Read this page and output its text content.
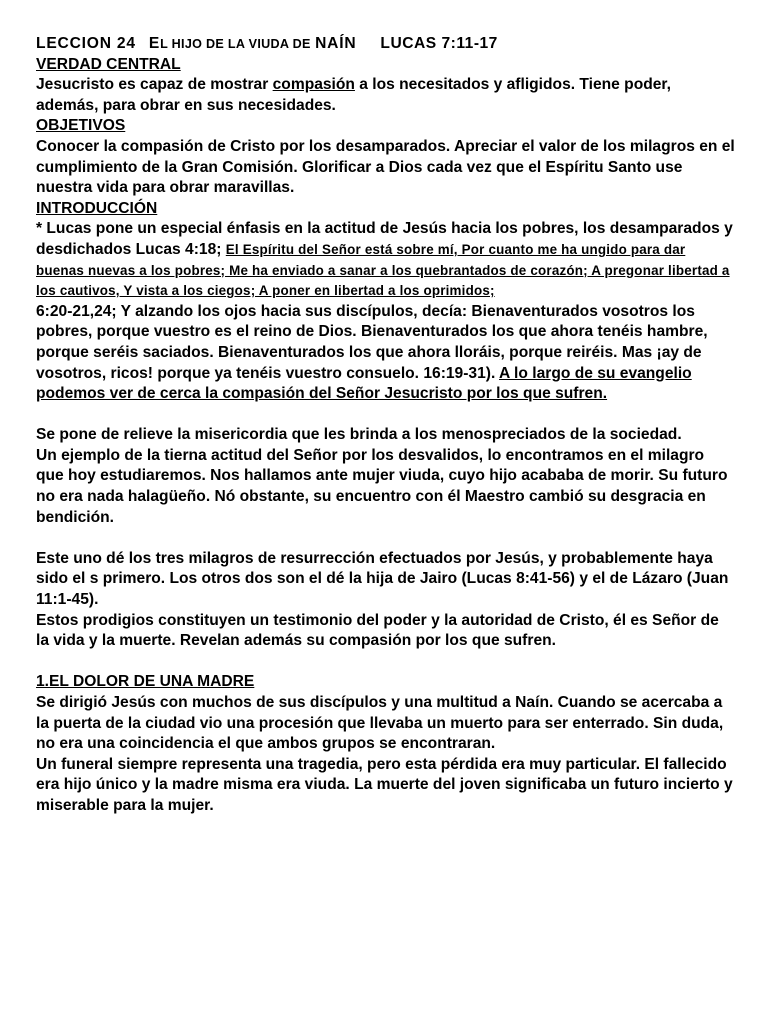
LECCION 24 EL HIJO DE LA VIUDA DE NAÍN LUCAS 7:11-17

VERDAD CENTRAL

Jesucristo es capaz de mostrar compasión a los necesitados y afligidos. Tiene poder, además, para obrar en sus necesidades.

OBJETIVOS

Conocer la compasión de Cristo por los desamparados. Apreciar el valor de los milagros en el cumplimiento de la Gran Comisión. Glorificar a Dios cada vez que el Espíritu Santo use nuestra vida para obrar maravillas.

INTRODUCCIÓN

* Lucas pone un especial énfasis en la actitud de Jesús hacia los pobres, los desamparados y desdichados Lucas 4:18; El Espíritu del Señor está sobre mí, Por cuanto me ha ungido para dar buenas nuevas a los pobres; Me ha enviado a sanar a los quebrantados de corazón; A pregonar libertad a los cautivos, Y vista a los ciegos; A poner en libertad a los oprimidos;

6:20-21,24; Y alzando los ojos hacia sus discípulos, decía: Bienaventurados vosotros los pobres, porque vuestro es el reino de Dios. Bienaventurados los que ahora tenéis hambre, porque seréis saciados. Bienaventurados los que ahora lloráis, porque reiréis. Mas ¡ay de vosotros, ricos! porque ya tenéis vuestro consuelo. 16:19-31). A lo largo de su evangelio podemos ver de cerca la compasión del Señor Jesucristo por los que sufren.

Se pone de relieve la misericordia que les brinda a los menospreciados de la sociedad.

Un ejemplo de la tierna actitud del Señor por los desvalidos, lo encontramos en el milagro que hoy estudiaremos. Nos hallamos ante mujer viuda, cuyo hijo acababa de morir. Su futuro no era nada halagüeño. Nó obstante, su encuentro con él Maestro cambió su desgracia en bendición.

Este uno dé los tres milagros de resurrección efectuados por Jesús, y probablemente haya sido el s primero. Los otros dos son el dé la hija de Jairo (Lucas 8:41-56) y el de Lázaro (Juan 11:1-45).

Estos prodigios constituyen un testimonio del poder y la autoridad de Cristo, él es Señor de la vida y la muerte. Revelan además su compasión por los que sufren.

1.EL DOLOR DE UNA MADRE

Se dirigió Jesús con muchos de sus discípulos y una multitud a Naín. Cuando se acercaba a la puerta de la ciudad vio una procesión que llevaba un muerto para ser enterrado. Sin duda, no era una coincidencia el que ambos grupos se encontraran.

Un funeral siempre representa una tragedia, pero esta pérdida era muy particular. El fallecido era hijo único y la madre misma era viuda. La muerte del joven significaba un futuro incierto y miserable para la mujer.
